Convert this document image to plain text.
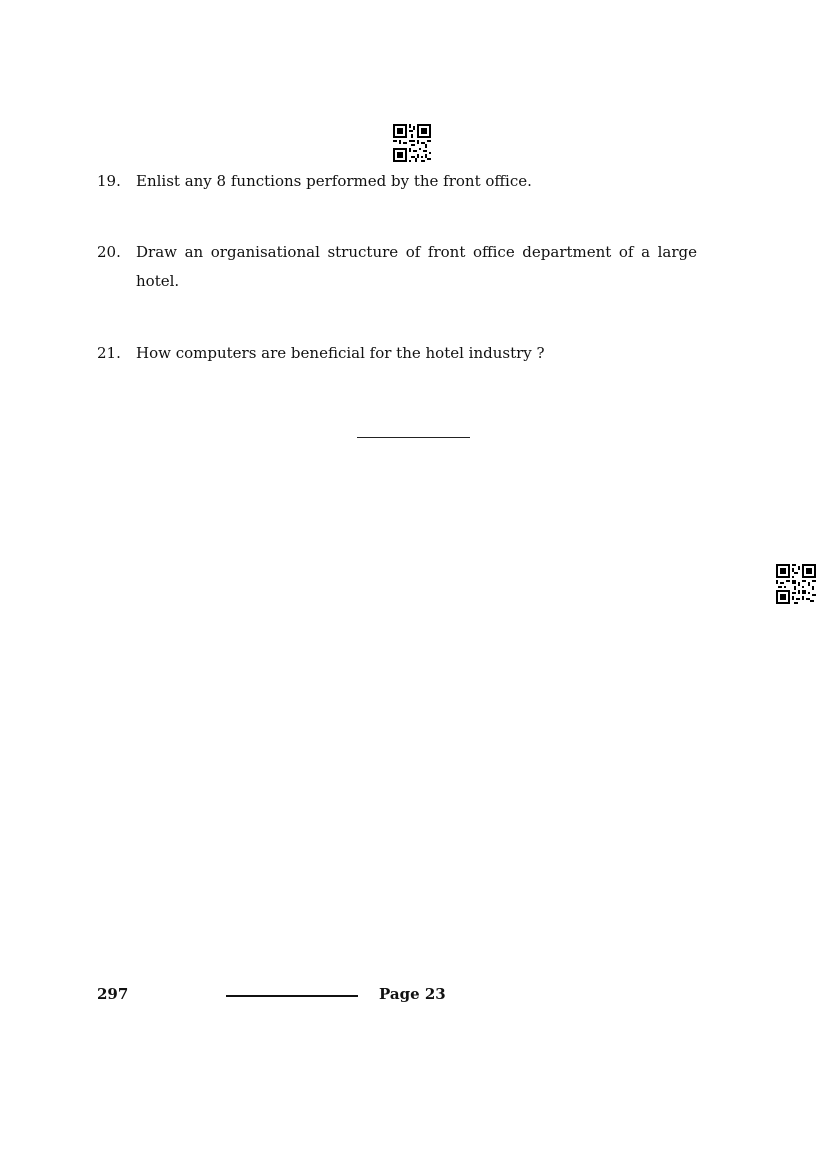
19.	Enlist any 8 functions performed by the front office.
20.	Draw an organisational structure of front office department of a large hotel.
21.	How computers are beneficial for the hotel industry ?
297	Page 23
